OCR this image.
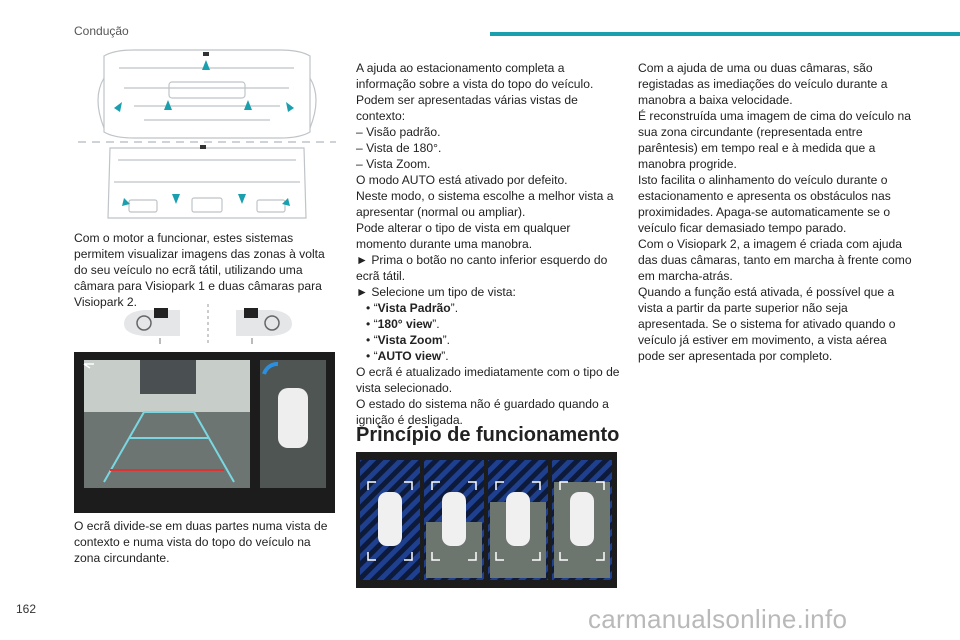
Condução
Com o motor a funcionar, estes sistemas permitem visualizar imagens das zonas à volta do seu veículo no ecrã tátil, utilizando uma câmara para Visiopark 1 e duas câmaras para Visiopark 2.
O ecrã divide-se em duas partes numa vista de contexto e numa vista do topo do veículo na zona circundante.

A ajuda ao estacionamento completa a informação sobre a vista do topo do veículo.

Podem ser apresentadas várias vistas de contexto:

– Visão padrão.

– Vista de 180°.

– Vista Zoom.

O modo AUTO está ativado por defeito.

Neste modo, o sistema escolhe a melhor vista a apresentar (normal ou ampliar).

Pode alterar o tipo de vista em qualquer momento durante uma manobra.

► Prima o botão no canto inferior esquerdo do ecrã tátil.

► Selecione um tipo de vista:

• “Vista Padrão”.

• “180° view”.

• “Vista Zoom”.

• “AUTO view”.

O ecrã é atualizado imediatamente com o tipo de vista selecionado.

O estado do sistema não é guardado quando a ignição é desligada.

Princípio de funcionamento

Com a ajuda de uma ou duas câmaras, são registadas as imediações do veículo durante a manobra a baixa velocidade.

É reconstruída uma imagem de cima do veículo na sua zona circundante (representada entre parêntesis) em tempo real e à medida que a manobra progride.

Isto facilita o alinhamento do veículo durante o estacionamento e apresenta os obstáculos nas proximidades. Apaga-se automaticamente se o veículo ficar demasiado tempo parado.

Com o Visiopark 2, a imagem é criada com ajuda das duas câmaras, tanto em marcha à frente como em marcha-atrás.

Quando a função está ativada, é possível que a vista a partir da parte superior não seja apresentada. Se o sistema for ativado quando o veículo já estiver em movimento, a vista aérea pode ser apresentada por completo.

162	carmanualsonline.info
